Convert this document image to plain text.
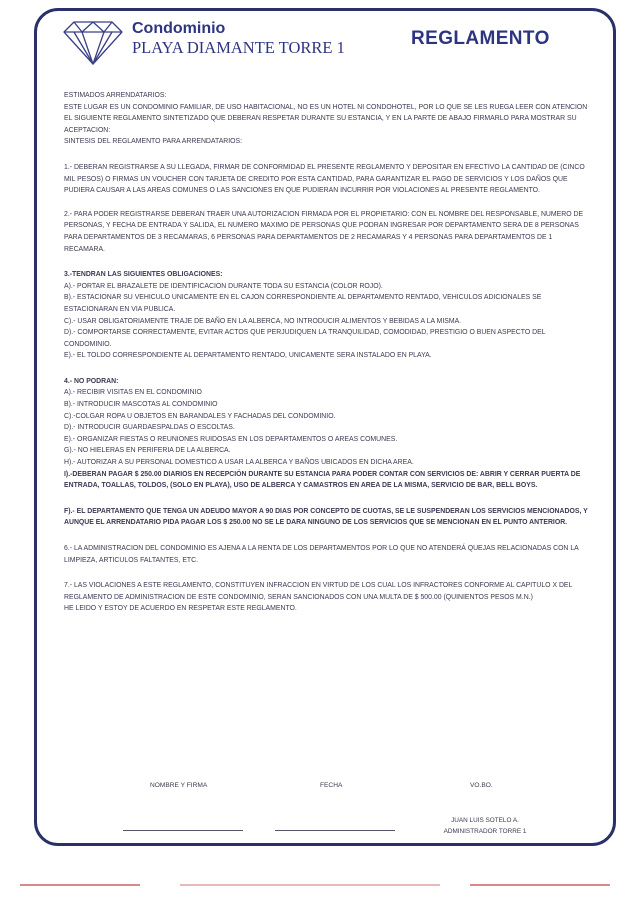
Condominio
PLAYA DIAMANTE TORRE 1	REGLAMENTO

ESTIMADOS ARRENDATARIOS:

ESTE LUGAR ES UN CONDOMINIO FAMILIAR, DE USO HABITACIONAL, NO ES UN HOTEL NI CONDOHOTEL, POR LO QUE SE LES RUEGA LEER CON ATENCION EL SIGUIENTE REGLAMENTO SINTETIZADO QUE DEBERAN RESPETAR DURANTE SU ESTANCIA, Y EN LA PARTE DE ABAJO FIRMARLO PARA MOSTRAR SU ACEPTACION:

SINTESIS DEL REGLAMENTO PARA ARRENDATARIOS:

1.- DEBERAN REGISTRARSE A SU LLEGADA, FIRMAR DE CONFORMIDAD EL PRESENTE REGLAMENTO Y DEPOSITAR EN EFECTIVO LA CANTIDAD DE (CINCO MIL PESOS) O FIRMAS UN VOUCHER CON TARJETA DE CREDITO POR ESTA CANTIDAD, PARA GARANTIZAR EL PAGO DE SERVICIOS Y LOS DAÑOS QUE PUDIERA CAUSAR A LAS AREAS COMUNES O LAS SANCIONES EN QUE PUDIERAN INCURRIR POR VIOLACIONES AL PRESENTE REGLAMENTO.

2.- PARA PODER REGISTRARSE DEBERAN TRAER UNA AUTORIZACION FIRMADA POR EL PROPIETARIO: CON EL NOMBRE DEL RESPONSABLE, NUMERO DE PERSONAS, Y FECHA DE ENTRADA Y SALIDA, EL NUMERO MAXIMO DE PERSONAS QUE PODRAN INGRESAR POR DEPARTAMENTO SERA DE 8 PERSONAS PARA DEPARTAMENTOS DE 3 RECAMARAS, 6 PERSONAS PARA DEPARTAMENTOS DE 2 RECAMARAS Y 4 PERSONAS PARA DEPARTAMENTOS DE 1 RECAMARA.

3.-TENDRAN LAS SIGUIENTES OBLIGACIONES:

A).- PORTAR EL BRAZALETE DE IDENTIFICACION DURANTE TODA SU ESTANCIA (COLOR ROJO).

B).- ESTACIONAR SU VEHICULO UNICAMENTE EN EL CAJON CORRESPONDIENTE AL DEPARTAMENTO RENTADO, VEHICULOS ADICIONALES SE ESTACIONARAN EN VIA PUBLICA.

C).- USAR OBLIGATORIAMENTE TRAJE DE BAÑO EN LA ALBERCA, NO INTRODUCIR ALIMENTOS Y BEBIDAS A LA MISMA.

D).- COMPORTARSE CORRECTAMENTE, EVITAR ACTOS QUE PERJUDIQUEN LA TRANQUILIDAD, COMODIDAD, PRESTIGIO O BUEN ASPECTO DEL CONDOMINIO.

E).- EL TOLDO CORRESPONDIENTE AL DEPARTAMENTO RENTADO, UNICAMENTE SERA INSTALADO EN PLAYA.

4.- NO PODRAN:

A).- RECIBIR VISITAS EN EL CONDOMINIO

B).- INTRODUCIR MASCOTAS AL CONDOMINIO

C).-COLGAR ROPA U OBJETOS EN BARANDALES Y FACHADAS DEL CONDOMINIO.

D).- INTRODUCIR GUARDAESPALDAS O ESCOLTAS.

E).- ORGANIZAR FIESTAS O REUNIONES RUIDOSAS EN LOS DEPARTAMENTOS O AREAS COMUNES.

G).- NO HIELERAS EN PERIFERIA DE LA ALBERCA.

H).- AUTORIZAR A SU PERSONAL DOMESTICO A USAR LA ALBERCA Y BAÑOS UBICADOS EN DICHA AREA.

I).-DEBERAN PAGAR $ 250.00 DIARIOS EN RECEPCIÓN DURANTE SU ESTANCIA PARA PODER CONTAR CON SERVICIOS DE: ABRIR Y CERRAR PUERTA DE ENTRADA, TOALLAS, TOLDOS, (SOLO EN PLAYA), USO DE ALBERCA Y CAMASTROS EN AREA DE LA MISMA, SERVICIO DE BAR, BELL BOYS.

F).- EL DEPARTAMENTO QUE TENGA UN ADEUDO MAYOR A 90 DIAS POR CONCEPTO DE CUOTAS, SE LE SUSPENDERAN LOS SERVICIOS MENCIONADOS, Y AUNQUE EL ARRENDATARIO PIDA PAGAR LOS $ 250.00 NO SE LE DARA NINGUNO DE LOS SERVICIOS QUE SE MENCIONAN EN EL PUNTO ANTERIOR.

6.- LA ADMINISTRACION DEL CONDOMINIO ES AJENA A LA RENTA DE LOS DEPARTAMENTOS POR LO QUE NO ATENDERÁ QUEJAS RELACIONADAS CON LA LIMPIEZA, ARTICULOS FALTANTES, ETC.

7.- LAS VIOLACIONES A ESTE REGLAMENTO, CONSTITUYEN INFRACCION EN VIRTUD DE LOS CUAL LOS INFRACTORES CONFORME AL CAPITULO X DEL REGLAMENTO DE ADMINISTRACION DE ESTE CONDOMINIO, SERAN SANCIONADOS CON UNA MULTA DE $ 500.00 (QUINIENTOS PESOS M.N.)

HE LEIDO Y ESTOY DE ACUERDO EN RESPETAR ESTE REGLAMENTO.

NOMBRE Y FIRMA	FECHA	VO.BO.
JUAN LUIS SOTELO A.
ADMINISTRADOR TORRE 1
